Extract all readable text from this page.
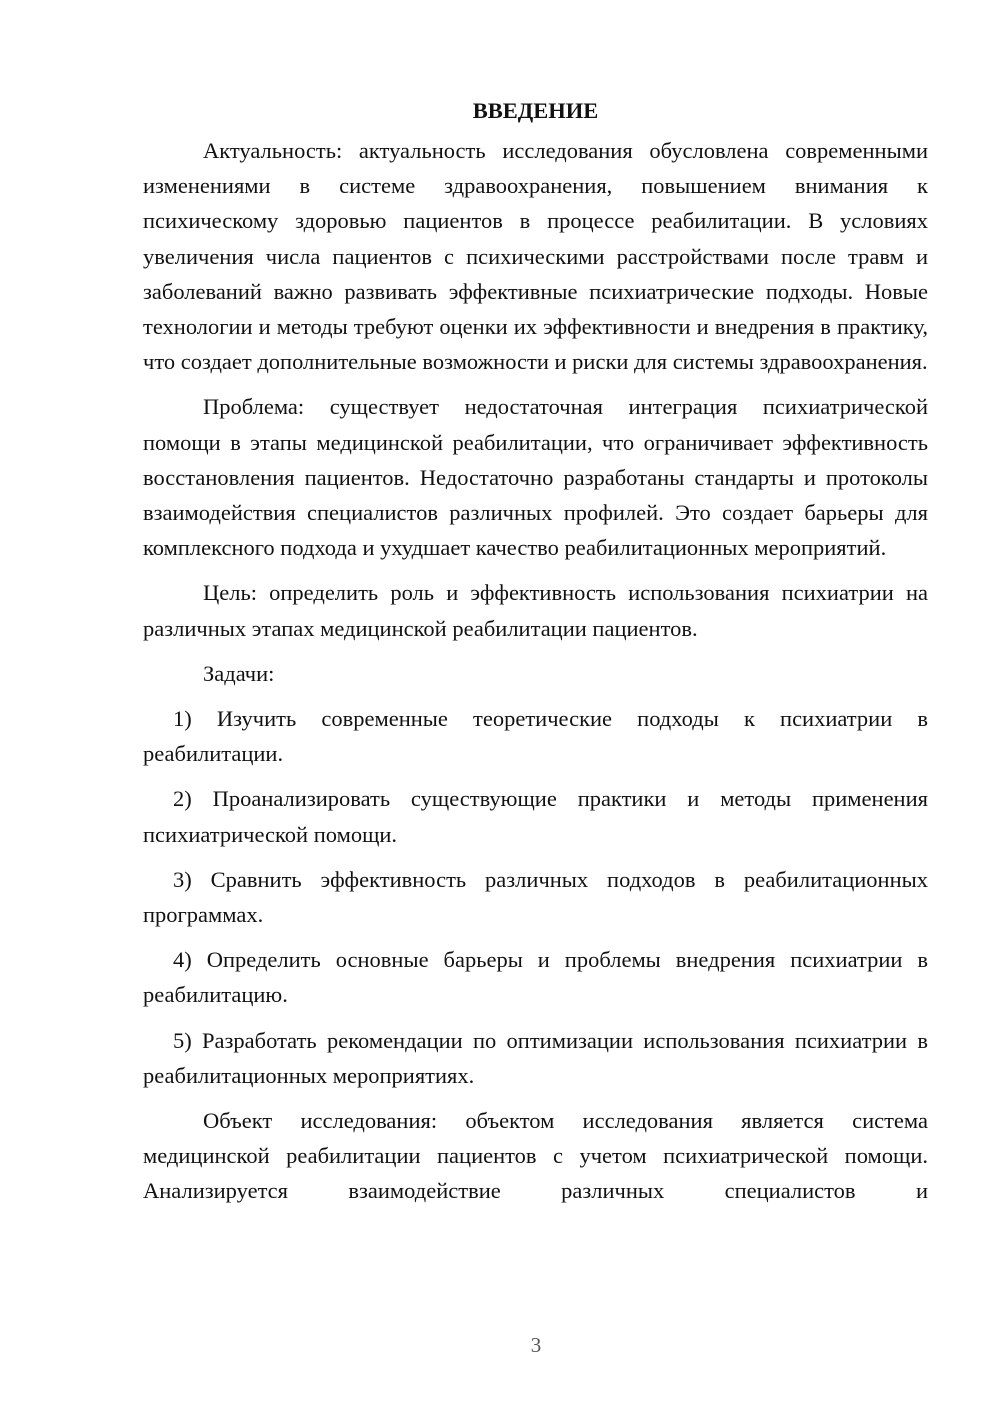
ВВЕДЕНИЕ

Актуальность: актуальность исследования обусловлена современными изменениями в системе здравоохранения, повышением внимания к психическому здоровью пациентов в процессе реабилитации. В условиях увеличения числа пациентов с психическими расстройствами после травм и заболеваний важно развивать эффективные психиатрические подходы. Новые технологии и методы требуют оценки их эффективности и внедрения в практику, что создает дополнительные возможности и риски для системы здравоохранения.

Проблема: существует недостаточная интеграция психиатрической помощи в этапы медицинской реабилитации, что ограничивает эффективность восстановления пациентов. Недостаточно разработаны стандарты и протоколы взаимодействия специалистов различных профилей. Это создает барьеры для комплексного подхода и ухудшает качество реабилитационных мероприятий.

Цель: определить роль и эффективность использования психиатрии на различных этапах медицинской реабилитации пациентов.

Задачи:

1) Изучить современные теоретические подходы к психиатрии в реабилитации.

2) Проанализировать существующие практики и методы применения психиатрической помощи.

3) Сравнить эффективность различных подходов в реабилитационных программах.

4) Определить основные барьеры и проблемы внедрения психиатрии в реабилитацию.

5) Разработать рекомендации по оптимизации использования психиатрии в реабилитационных мероприятиях.

Объект исследования: объектом исследования является система медицинской реабилитации пациентов с учетом психиатрической помощи. Анализируется взаимодействие различных специалистов и

3
